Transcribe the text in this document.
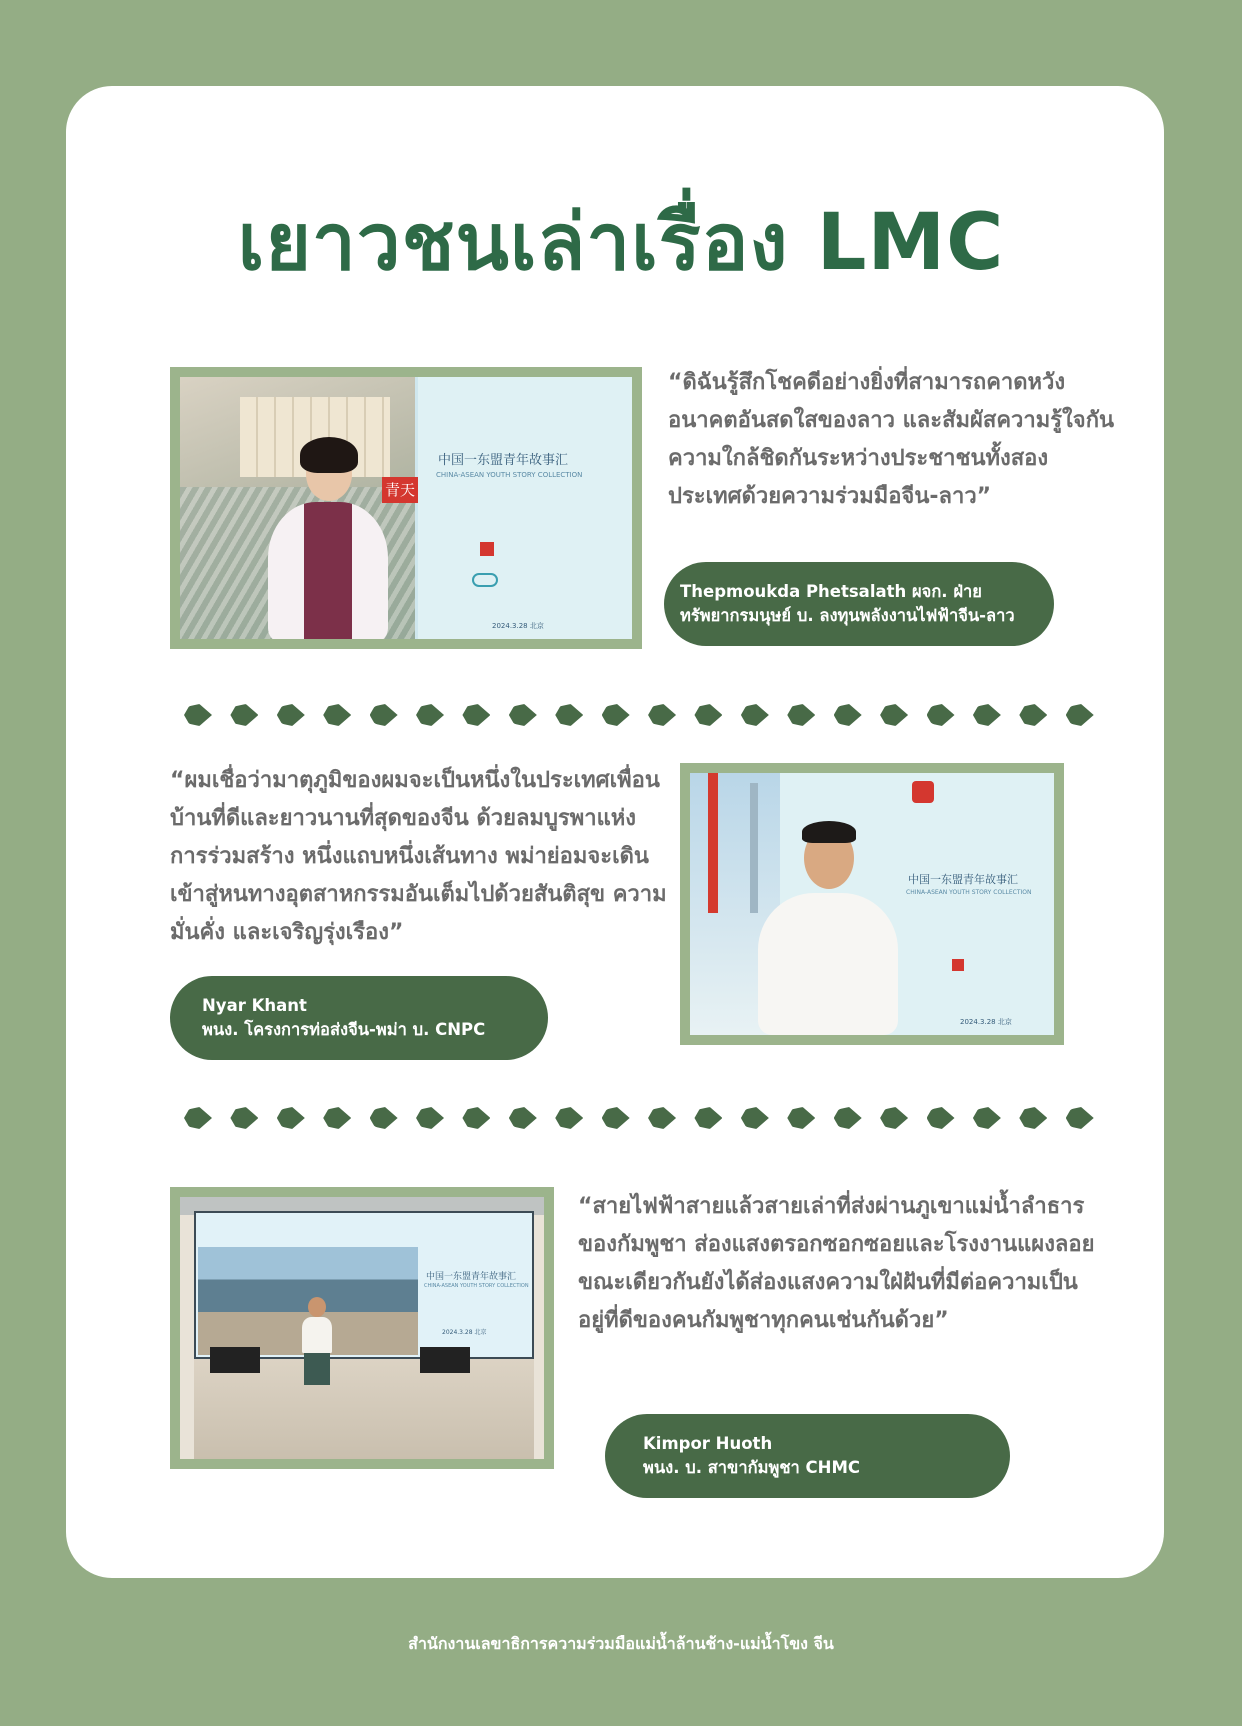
เยาวชนเล่าเรื่อง LMC
青天
中国一东盟青年故事汇
CHINA-ASEAN YOUTH STORY COLLECTION
2024.3.28 北京

“ดิฉันรู้สึกโชคดีอย่างยิ่งที่สามารถคาดหวังอนาคตอันสดใสของลาว และสัมผัสความรู้ใจกัน ความใกล้ชิดกันระหว่างประชาชนทั้งสองประเทศด้วยความร่วมมือจีน-ลาว”

Thepmoukda Phetsalath ผจก. ฝ่าย
ทรัพยากรมนุษย์ บ. ลงทุนพลังงานไฟฟ้าจีน-ลาว

“ผมเชื่อว่ามาตุภูมิของผมจะเป็นหนึ่งในประเทศเพื่อนบ้านที่ดีและยาวนานที่สุดของจีน ด้วยลมบูรพาแห่งการร่วมสร้าง หนึ่งแถบหนึ่งเส้นทาง พม่าย่อมจะเดินเข้าสู่หนทางอุตสาหกรรมอันเต็มไปด้วยสันติสุข ความมั่นคั่ง และเจริญรุ่งเรือง”

Nyar Khant
พนง. โครงการท่อส่งจีน-พม่า บ. CNPC
中国一东盟青年故事汇
CHINA-ASEAN YOUTH STORY COLLECTION
2024.3.28 北京
中国一东盟青年故事汇
CHINA-ASEAN YOUTH STORY COLLECTION
2024.3.28 北京

“สายไฟฟ้าสายแล้วสายเล่าที่ส่งผ่านภูเขาแม่น้ำลำธารของกัมพูชา ส่องแสงตรอกซอกซอยและโรงงานแผงลอย ขณะเดียวกันยังได้ส่องแสงความใฝ่ฝันที่มีต่อความเป็นอยู่ที่ดีของคนกัมพูชาทุกคนเช่นกันด้วย”

Kimpor Huoth
พนง. บ. สาขากัมพูชา CHMC
สำนักงานเลขาธิการความร่วมมือแม่น้ำล้านช้าง-แม่น้ำโขง จีน
